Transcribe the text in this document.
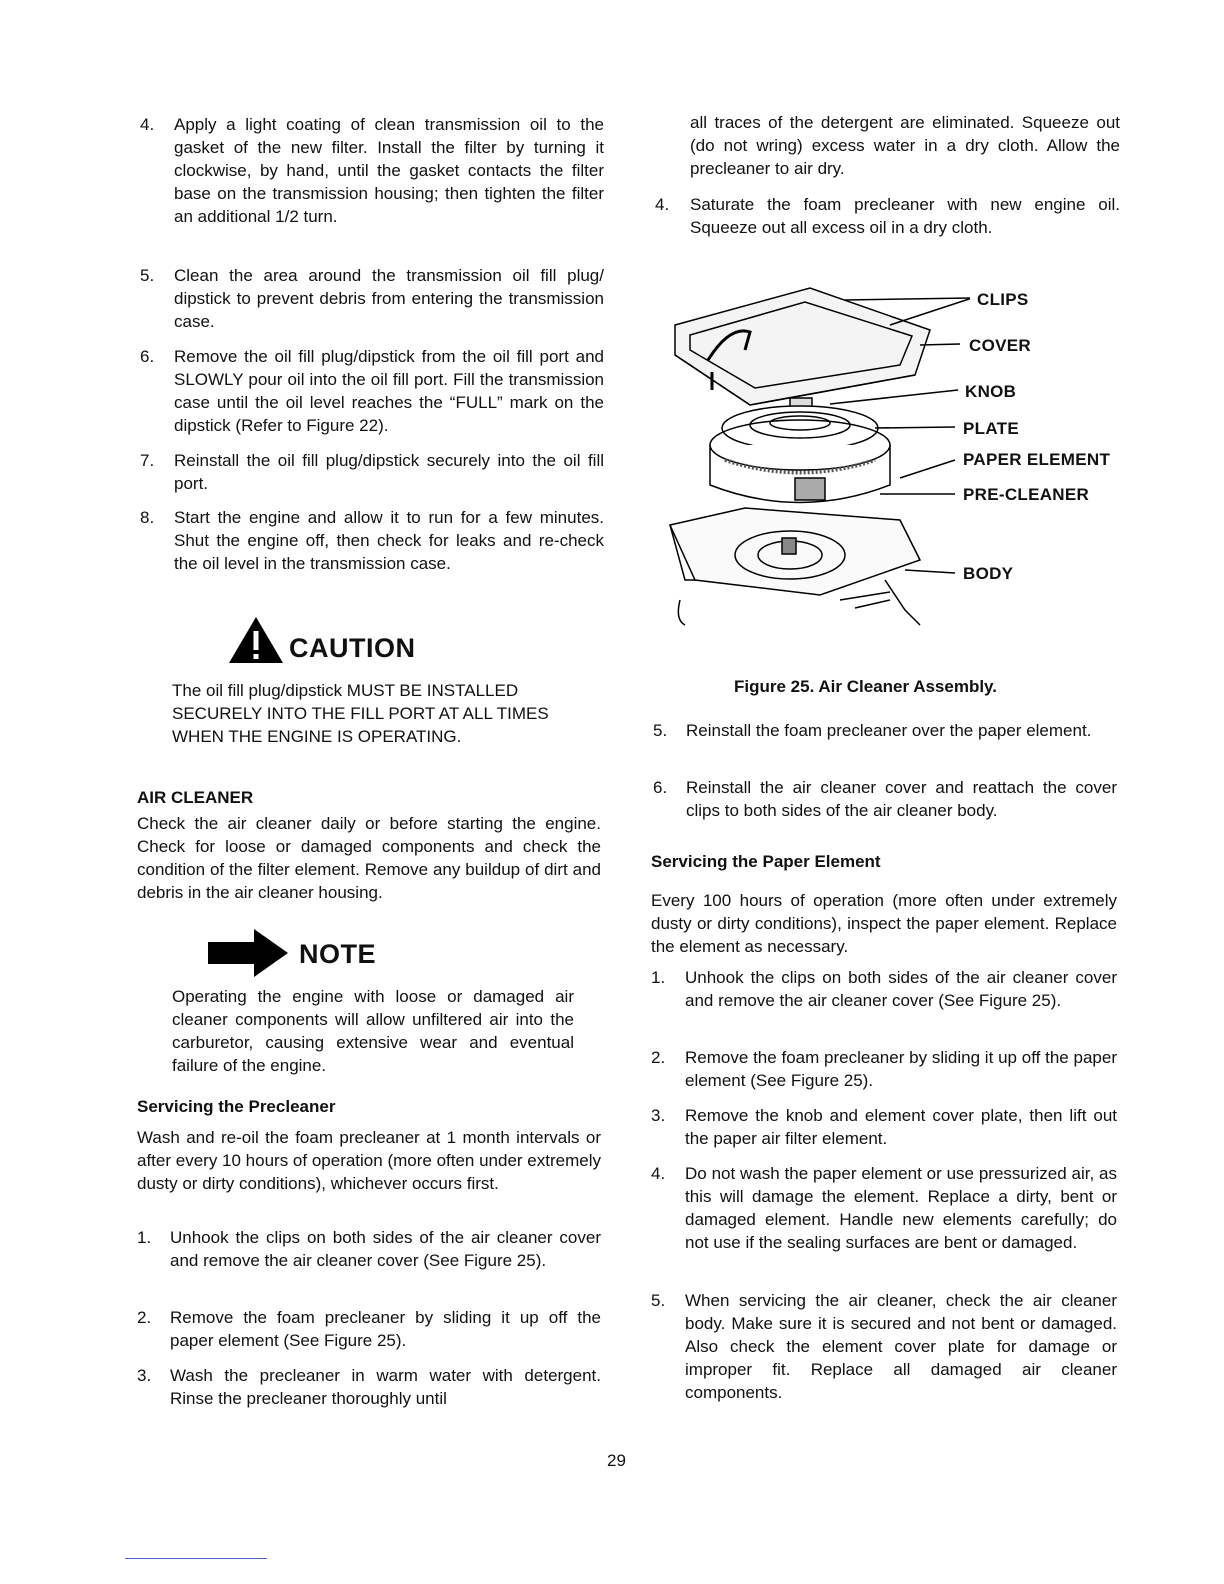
4. Apply a light coating of clean transmission oil to the gasket of the new filter. Install the filter by turning it clockwise, by hand, until the gasket contacts the filter base on the transmission housing; then tighten the filter an additional 1/2 turn.
5. Clean the area around the transmission oil fill plug/ dipstick to prevent debris from entering the transmission case.
6. Remove the oil fill plug/dipstick from the oil fill port and SLOWLY pour oil into the oil fill port. Fill the transmission case until the oil level reaches the “FULL” mark on the dipstick (Refer to Figure 22).
7. Reinstall the oil fill plug/dipstick securely into the oil fill port.
8. Start the engine and allow it to run for a few minutes. Shut the engine off, then check for leaks and re-check the oil level in the transmission case.
CAUTION
The oil fill plug/dipstick MUST BE INSTALLED SECURELY INTO THE FILL PORT AT ALL TIMES WHEN THE ENGINE IS OPERATING.
AIR CLEANER
Check the air cleaner daily or before starting the engine. Check for loose or damaged components and check the condition of the filter element. Remove any buildup of dirt and debris in the air cleaner housing.
NOTE
Operating the engine with loose or damaged air cleaner components will allow unfiltered air into the carburetor, causing extensive wear and eventual failure of the engine.
Servicing the Precleaner
Wash and re-oil the foam precleaner at 1 month intervals or after every 10 hours of operation (more often under extremely dusty or dirty conditions), whichever occurs first.
1. Unhook the clips on both sides of the air cleaner cover and remove the air cleaner cover (See Figure 25).
2. Remove the foam precleaner by sliding it up off the paper element (See Figure 25).
3. Wash the precleaner in warm water with detergent. Rinse the precleaner thoroughly until
all traces of the detergent are eliminated. Squeeze out (do not wring) excess water in a dry cloth. Allow the precleaner to air dry.
4. Saturate the foam precleaner with new engine oil. Squeeze out all excess oil in a dry cloth.
CLIPS
COVER
KNOB
PLATE
PAPER ELEMENT
PRE-CLEANER
BODY
Figure 25. Air Cleaner Assembly.
5. Reinstall the foam precleaner over the paper element.
6. Reinstall the air cleaner cover and reattach the cover clips to both sides of the air cleaner body.
Servicing the Paper Element
Every 100 hours of operation (more often under extremely dusty or dirty conditions), inspect the paper element. Replace the element as necessary.
1. Unhook the clips on both sides of the air cleaner cover and remove the air cleaner cover (See Figure 25).
2. Remove the foam precleaner by sliding it up off the paper element (See Figure 25).
3. Remove the knob and element cover plate, then lift out the paper air filter element.
4. Do not wash the paper element or use pressurized air, as this will damage the element. Replace a dirty, bent or damaged element. Handle new elements carefully; do not use if the sealing surfaces are bent or damaged.
5. When servicing the air cleaner, check the air cleaner body. Make sure it is secured and not bent or damaged. Also check the element cover plate for damage or improper fit. Replace all damaged air cleaner components.
29
